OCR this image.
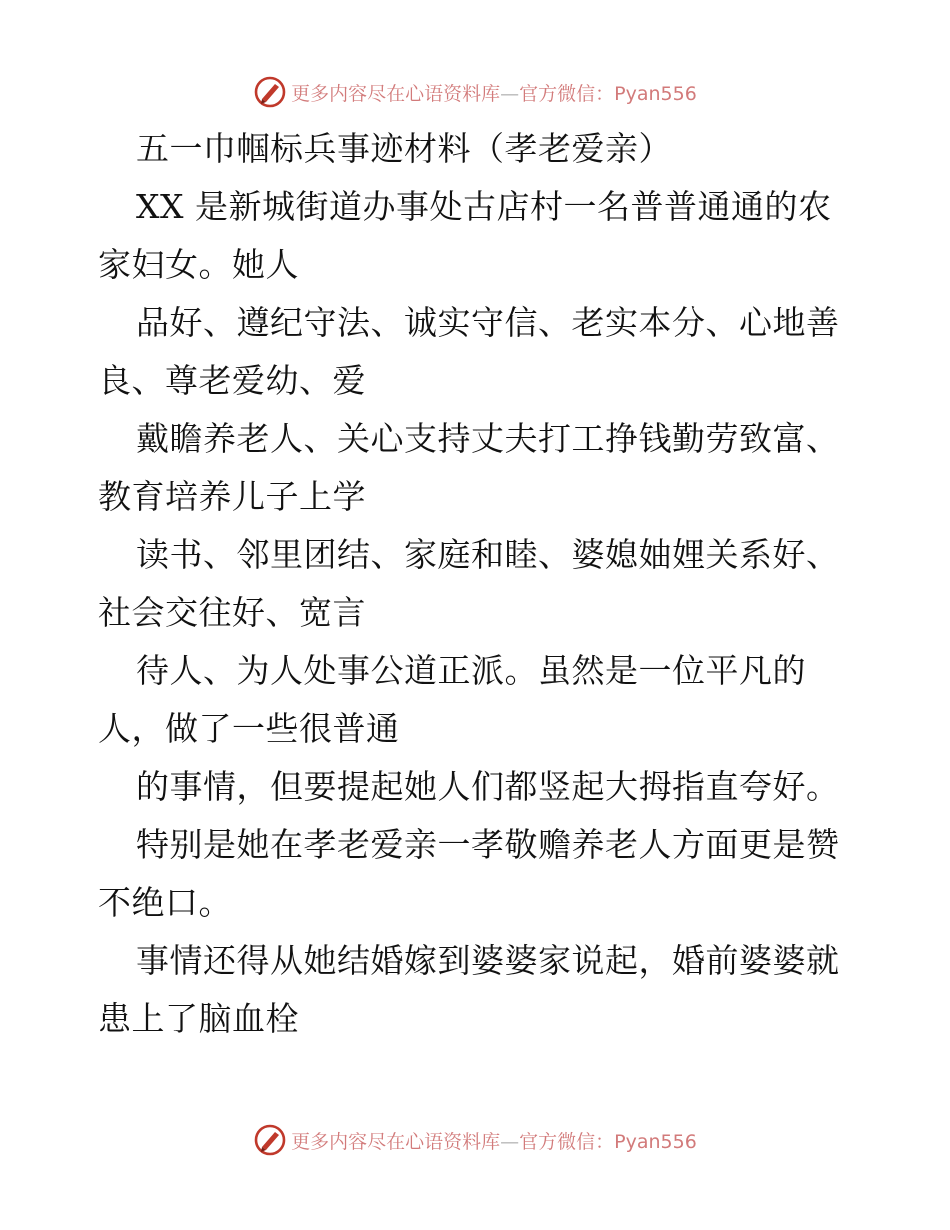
更多内容尽在心语资料库—官方微信：Pyan556
五一巾帼标兵事迹材料（孝老爱亲）
XX 是新城街道办事处古店村一名普普通通的农
家妇女。她人
品好、遵纪守法、诚实守信、老实本分、心地善
良、尊老爱幼、爱
戴瞻养老人、关心支持丈夫打工挣钱勤劳致富、
教育培养儿子上学
读书、邻里团结、家庭和睦、婆媳妯娌关系好、
社会交往好、宽言
待人、为人处事公道正派。虽然是一位平凡的
人，做了一些很普通
的事情，但要提起她人们都竖起大拇指直夸好。
特别是她在孝老爱亲一孝敬赡养老人方面更是赞
不绝口。
事情还得从她结婚嫁到婆婆家说起，婚前婆婆就
患上了脑血栓
更多内容尽在心语资料库—官方微信：Pyan556
